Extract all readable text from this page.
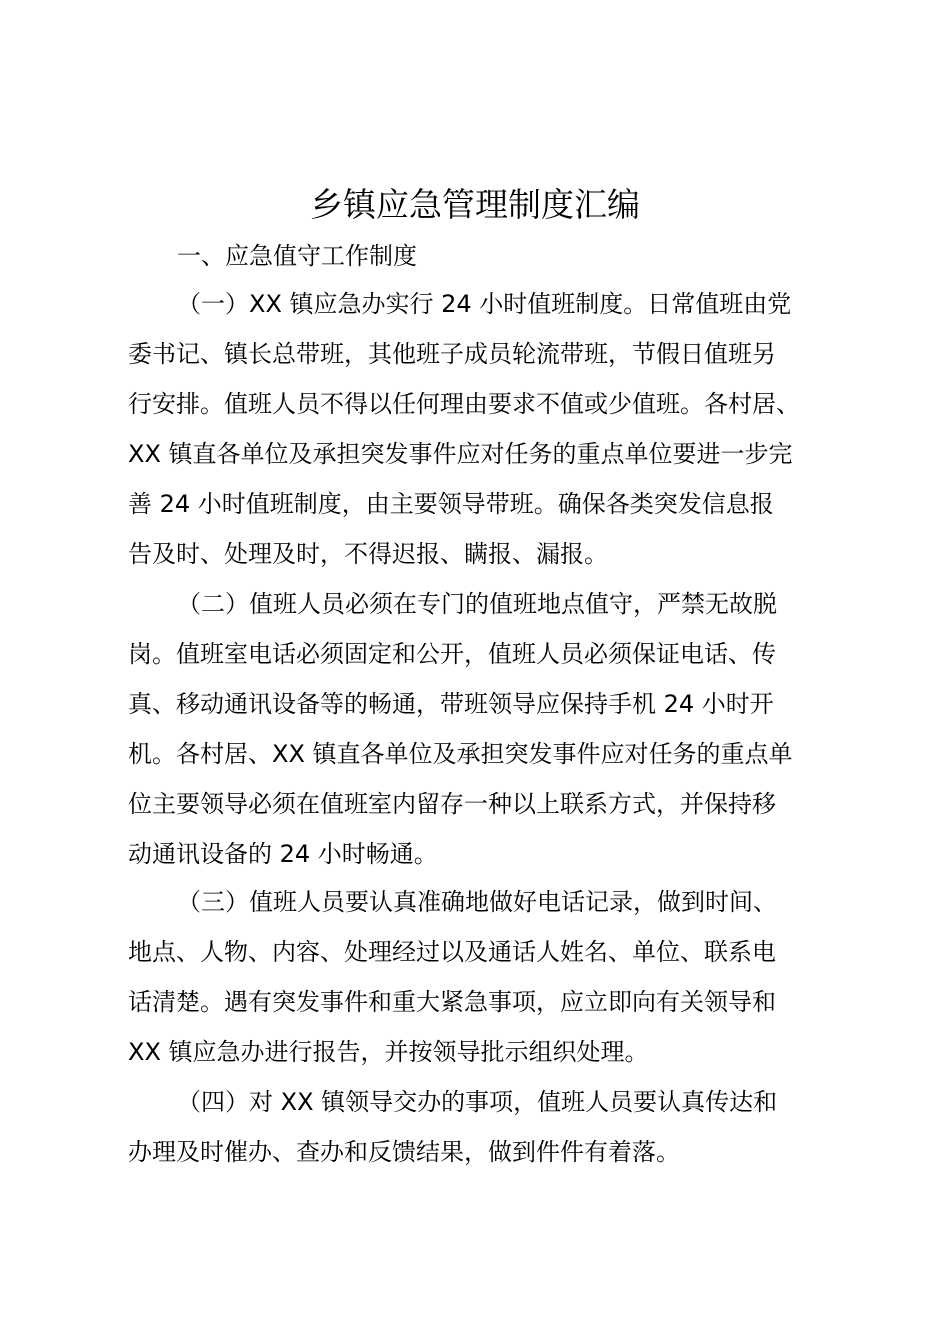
乡镇应急管理制度汇编
一、应急值守工作制度
（一）XX 镇应急办实行 24 小时值班制度。日常值班由党
委书记、镇长总带班，其他班子成员轮流带班，节假日值班另
行安排。值班人员不得以任何理由要求不值或少值班。各村居、
XX 镇直各单位及承担突发事件应对任务的重点单位要进一步完
善 24 小时值班制度，由主要领导带班。确保各类突发信息报
告及时、处理及时，不得迟报、瞒报、漏报。
（二）值班人员必须在专门的值班地点值守，严禁无故脱
岗。值班室电话必须固定和公开，值班人员必须保证电话、传
真、移动通讯设备等的畅通，带班领导应保持手机 24 小时开
机。各村居、XX 镇直各单位及承担突发事件应对任务的重点单
位主要领导必须在值班室内留存一种以上联系方式，并保持移
动通讯设备的 24 小时畅通。
（三）值班人员要认真准确地做好电话记录，做到时间、
地点、人物、内容、处理经过以及通话人姓名、单位、联系电
话清楚。遇有突发事件和重大紧急事项，应立即向有关领导和
XX 镇应急办进行报告，并按领导批示组织处理。
（四）对 XX 镇领导交办的事项，值班人员要认真传达和
办理及时催办、查办和反馈结果，做到件件有着落。
